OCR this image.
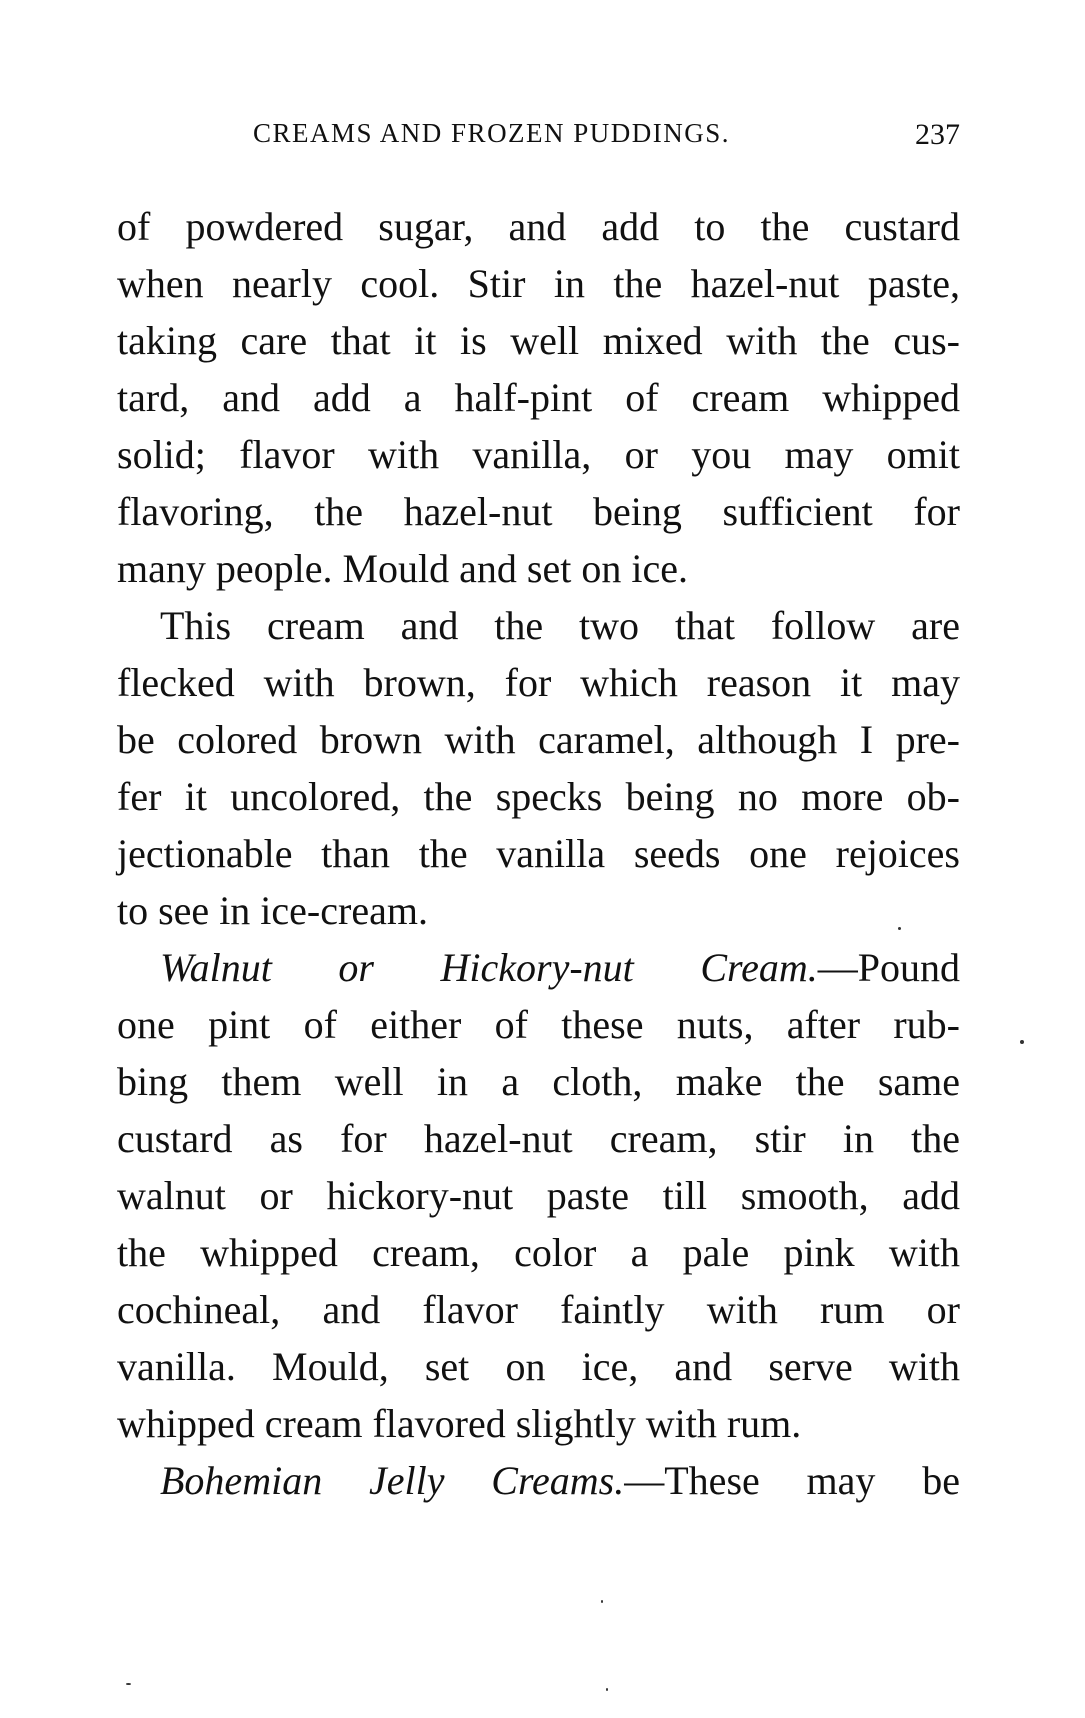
CREAMS AND FROZEN PUDDINGS.	237
of powdered sugar, and add to the custard
when nearly cool. Stir in the hazel-nut paste,
taking care that it is well mixed with the cus-
tard, and add a half-pint of cream whipped
solid; flavor with vanilla, or you may omit
flavoring, the hazel-nut being sufficient for
many people. Mould and set on ice.
This cream and the two that follow are
flecked with brown, for which reason it may
be colored brown with caramel, although I pre-
fer it uncolored, the specks being no more ob-
jectionable than the vanilla seeds one rejoices
to see in ice-cream.
Walnut or Hickory-nut Cream.—Pound
one pint of either of these nuts, after rub-
bing them well in a cloth, make the same
custard as for hazel-nut cream, stir in the
walnut or hickory-nut paste till smooth, add
the whipped cream, color a pale pink with
cochineal, and flavor faintly with rum or
vanilla. Mould, set on ice, and serve with
whipped cream flavored slightly with rum.
Bohemian Jelly Creams.—These may be
